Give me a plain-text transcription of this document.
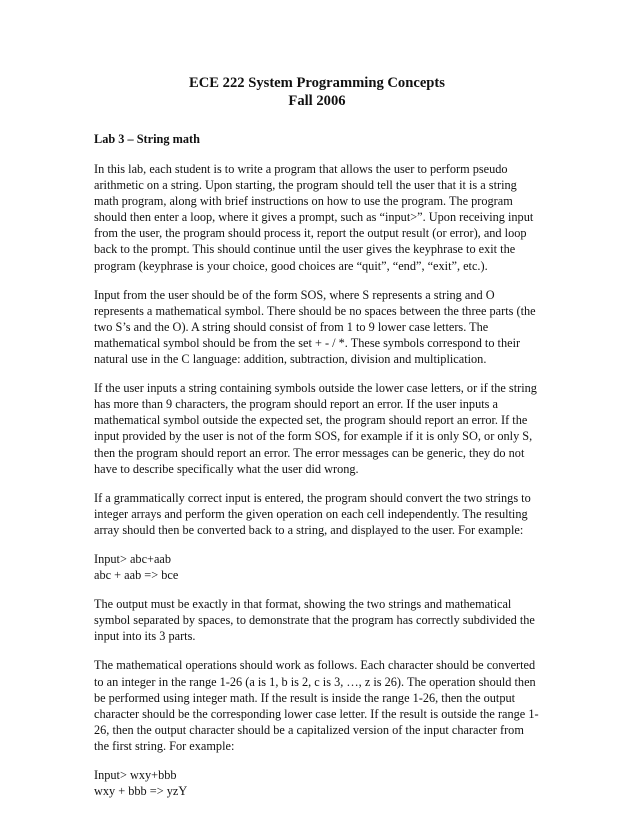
ECE 222 System Programming Concepts
Fall 2006
Lab 3 – String math

In this lab, each student is to write a program that allows the user to perform pseudo arithmetic on a string. Upon starting, the program should tell the user that it is a string math program, along with brief instructions on how to use the program. The program should then enter a loop, where it gives a prompt, such as “input>”. Upon receiving input from the user, the program should process it, report the output result (or error), and loop back to the prompt. This should continue until the user gives the keyphrase to exit the program (keyphrase is your choice, good choices are “quit”, “end”, “exit”, etc.).

Input from the user should be of the form SOS, where S represents a string and O represents a mathematical symbol. There should be no spaces between the three parts (the two S’s and the O). A string should consist of from 1 to 9 lower case letters. The mathematical symbol should be from the set + - / *. These symbols correspond to their natural use in the C language: addition, subtraction, division and multiplication.

If the user inputs a string containing symbols outside the lower case letters, or if the string has more than 9 characters, the program should report an error. If the user inputs a mathematical symbol outside the expected set, the program should report an error. If the input provided by the user is not of the form SOS, for example if it is only SO, or only S, then the program should report an error. The error messages can be generic, they do not have to describe specifically what the user did wrong.

If a grammatically correct input is entered, the program should convert the two strings to integer arrays and perform the given operation on each cell independently. The resulting array should then be converted back to a string, and displayed to the user. For example:

Input> abc+aab
abc + aab => bce

The output must be exactly in that format, showing the two strings and mathematical symbol separated by spaces, to demonstrate that the program has correctly subdivided the input into its 3 parts.

The mathematical operations should work as follows. Each character should be converted to an integer in the range 1-26 (a is 1, b is 2, c is 3, …, z is 26). The operation should then be performed using integer math. If the result is inside the range 1-26, then the output character should be the corresponding lower case letter. If the result is outside the range 1-26, then the output character should be a capitalized version of the input character from the first string. For example:

Input> wxy+bbb
wxy + bbb => yzY
